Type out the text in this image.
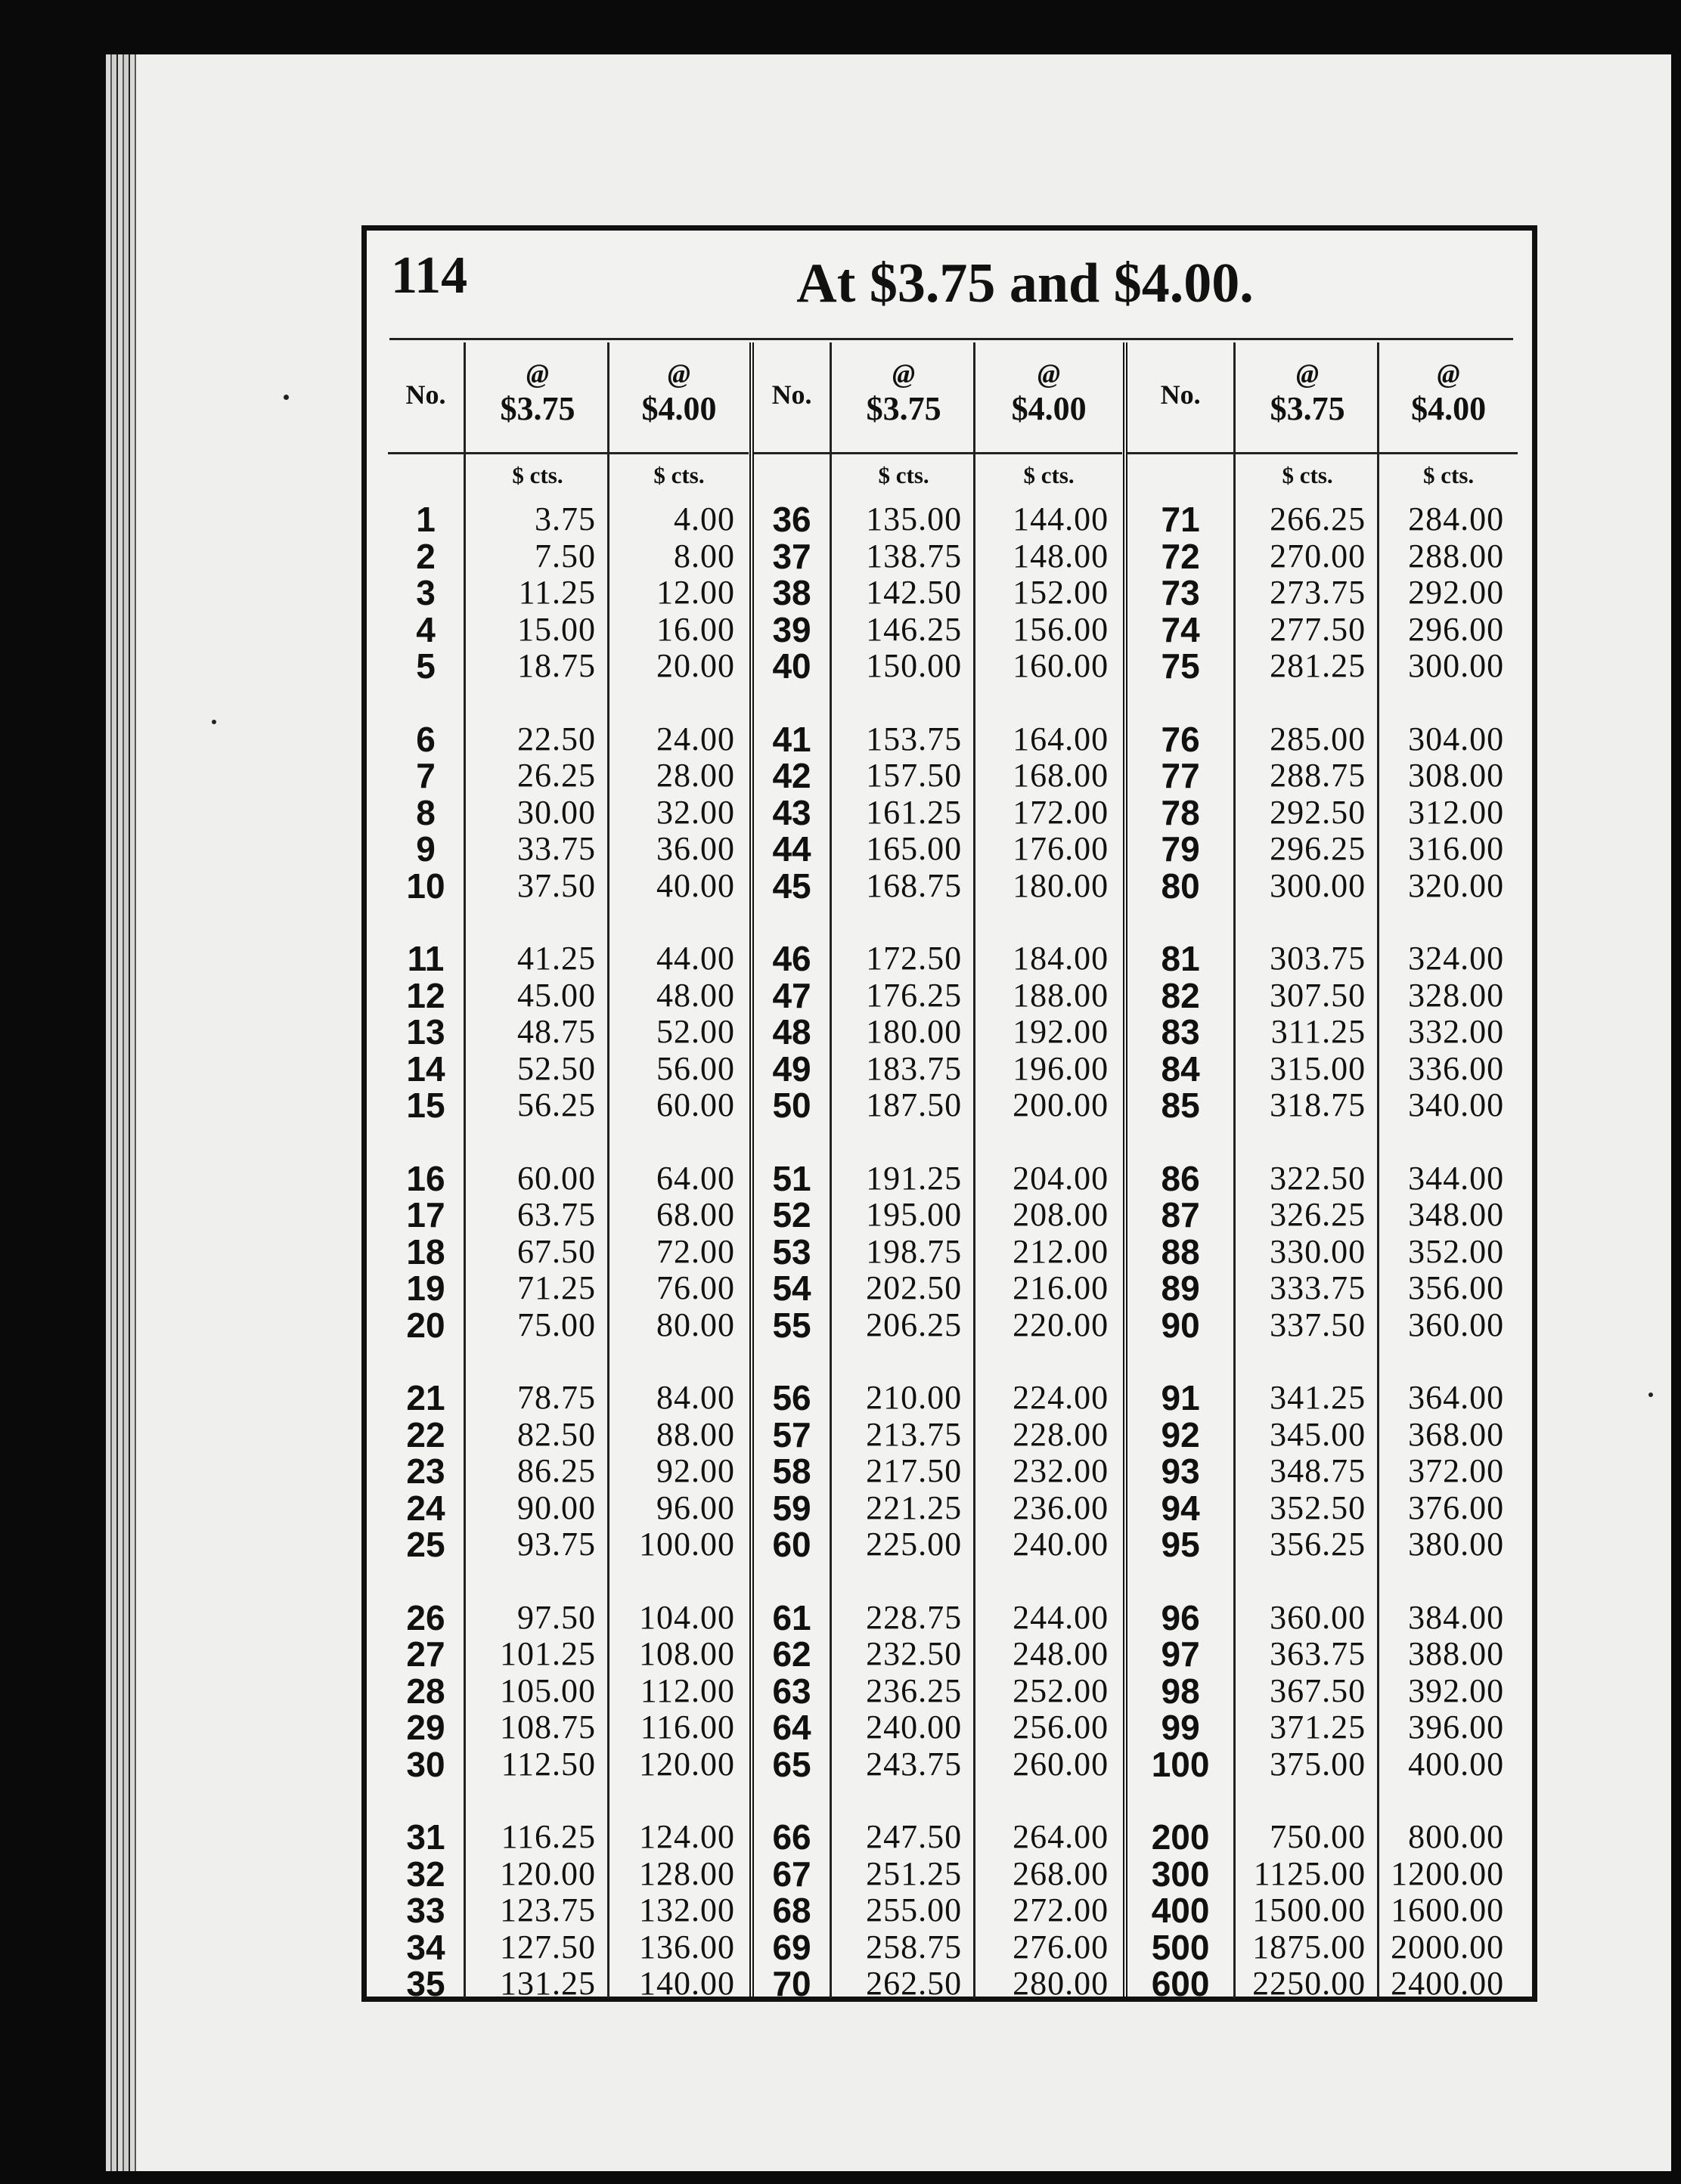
114	At $3.75 and $4.00.
No.
1
2
3
4
5
6
7
8
9
10
11
12
13
14
15
16
17
18
19
20
21
22
23
24
25
26
27
28
29
30
31
32
33
34
35
$ cts.
@
$3.75
3.75
7.50
11.25
15.00
18.75
22.50
26.25
30.00
33.75
37.50
41.25
45.00
48.75
52.50
56.25
60.00
63.75
67.50
71.25
75.00
78.75
82.50
86.25
90.00
93.75
97.50
101.25
105.00
108.75
112.50
116.25
120.00
123.75
127.50
131.25
$ cts.
@
$4.00
4.00
8.00
12.00
16.00
20.00
24.00
28.00
32.00
36.00
40.00
44.00
48.00
52.00
56.00
60.00
64.00
68.00
72.00
76.00
80.00
84.00
88.00
92.00
96.00
100.00
104.00
108.00
112.00
116.00
120.00
124.00
128.00
132.00
136.00
140.00
No.
36
37
38
39
40
41
42
43
44
45
46
47
48
49
50
51
52
53
54
55
56
57
58
59
60
61
62
63
64
65
66
67
68
69
70
$ cts.
@
$3.75
135.00
138.75
142.50
146.25
150.00
153.75
157.50
161.25
165.00
168.75
172.50
176.25
180.00
183.75
187.50
191.25
195.00
198.75
202.50
206.25
210.00
213.75
217.50
221.25
225.00
228.75
232.50
236.25
240.00
243.75
247.50
251.25
255.00
258.75
262.50
$ cts.
@
$4.00
144.00
148.00
152.00
156.00
160.00
164.00
168.00
172.00
176.00
180.00
184.00
188.00
192.00
196.00
200.00
204.00
208.00
212.00
216.00
220.00
224.00
228.00
232.00
236.00
240.00
244.00
248.00
252.00
256.00
260.00
264.00
268.00
272.00
276.00
280.00
No.
71
72
73
74
75
76
77
78
79
80
81
82
83
84
85
86
87
88
89
90
91
92
93
94
95
96
97
98
99
100
200
300
400
500
600
$ cts.
@
$3.75
266.25
270.00
273.75
277.50
281.25
285.00
288.75
292.50
296.25
300.00
303.75
307.50
311.25
315.00
318.75
322.50
326.25
330.00
333.75
337.50
341.25
345.00
348.75
352.50
356.25
360.00
363.75
367.50
371.25
375.00
750.00
1125.00
1500.00
1875.00
2250.00
$ cts.
@
$4.00
284.00
288.00
292.00
296.00
300.00
304.00
308.00
312.00
316.00
320.00
324.00
328.00
332.00
336.00
340.00
344.00
348.00
352.00
356.00
360.00
364.00
368.00
372.00
376.00
380.00
384.00
388.00
392.00
396.00
400.00
800.00
1200.00
1600.00
2000.00
2400.00
